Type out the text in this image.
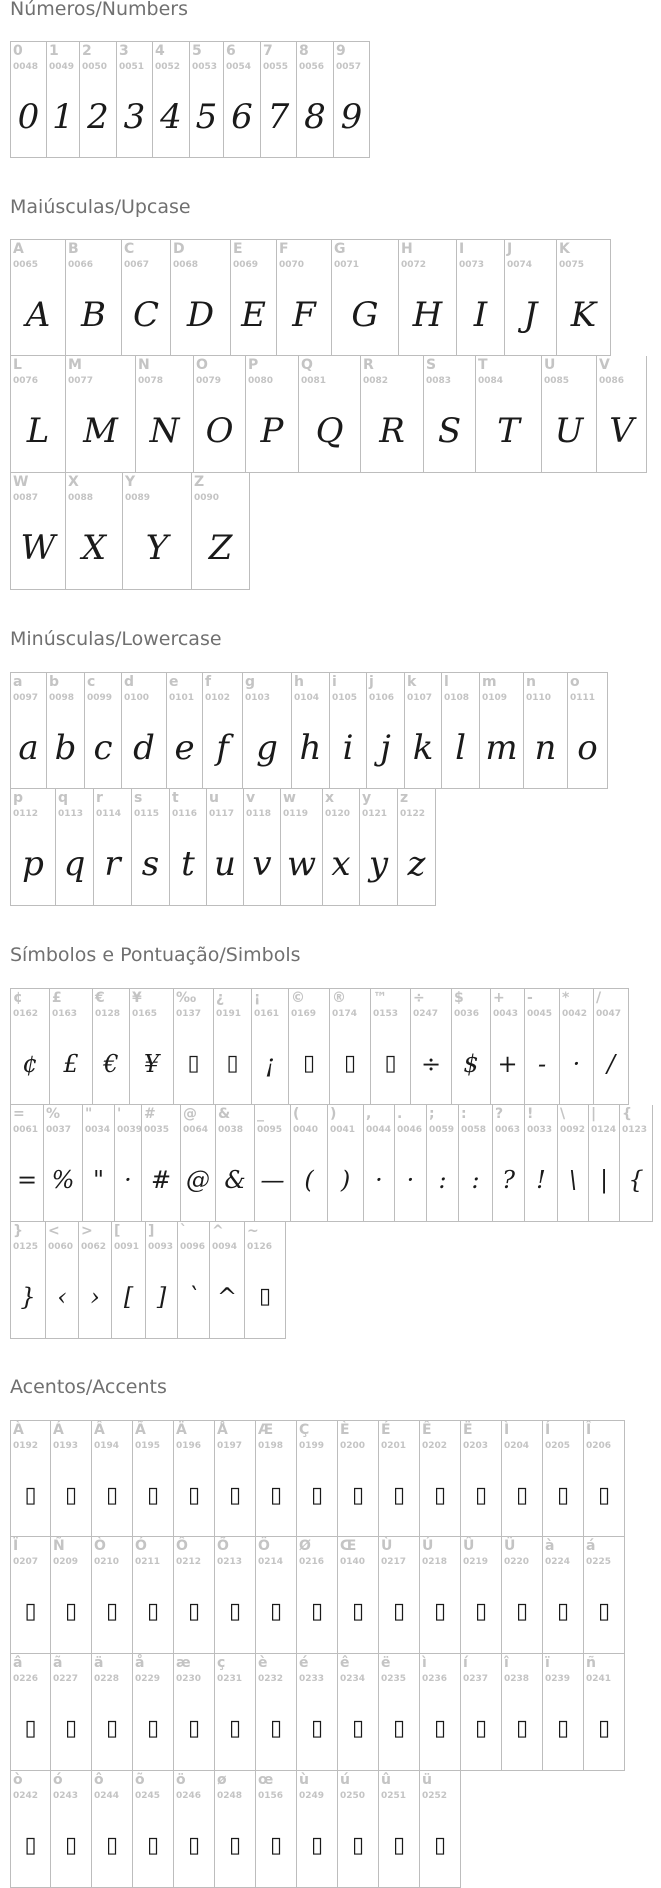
Números/Numbers
Maiúsculas/Upcase
Minúsculas/Lowercase
Símbolos e Pontuação/Simbols
Acentos/Accents
0
0048
0
1
0049
1
2
0050
2
3
0051
3
4
0052
4
5
0053
5
6
0054
6
7
0055
7
8
0056
8
9
0057
9
A
0065
A
B
0066
B
C
0067
C
D
0068
D
E
0069
E
F
0070
F
G
0071
G
H
0072
H
I
0073
I
J
0074
J
K
0075
K
L
0076
L
M
0077
M
N
0078
N
O
0079
O
P
0080
P
Q
0081
Q
R
0082
R
S
0083
S
T
0084
T
U
0085
U
V
0086
V
W
0087
W
X
0088
X
Y
0089
Y
Z
0090
Z
a
0097
a
b
0098
b
c
0099
c
d
0100
d
e
0101
e
f
0102
f
g
0103
g
h
0104
h
i
0105
i
j
0106
j
k
0107
k
l
0108
l
m
0109
m
n
0110
n
o
0111
o
p
0112
p
q
0113
q
r
0114
r
s
0115
s
t
0116
t
u
0117
u
v
0118
v
w
0119
w
x
0120
x
y
0121
y
z
0122
z
¢
0162
¢
£
0163
£
€
0128
€
¥
0165
¥
‰
0137
▯
¿
0191
▯
¡
0161
¡
©
0169
▯
®
0174
▯
™
0153
▯
÷
0247
÷
$
0036
$
+
0043
+
-
0045
-
*
0042
·
/
0047
/
=
0061
=
%
0037
%
"
0034
"
'
0039
·
#
0035
#
@
0064
@
&
0038
&
_
0095
—
(
0040
(
)
0041
)
,
0044
·
.
0046
·
;
0059
:
:
0058
:
?
0063
?
!
0033
!
\
0092
\
|
0124
|
{
0123
{
}
0125
}
<
0060
‹
>
0062
›
[
0091
[
]
0093
]
`
0096
`
^
0094
^
~
0126
▯
À
0192
▯
Á
0193
▯
Â
0194
▯
Ã
0195
▯
Ä
0196
▯
Å
0197
▯
Æ
0198
▯
Ç
0199
▯
È
0200
▯
É
0201
▯
Ê
0202
▯
Ë
0203
▯
Ì
0204
▯
Í
0205
▯
Î
0206
▯
Ï
0207
▯
Ñ
0209
▯
Ò
0210
▯
Ó
0211
▯
Ô
0212
▯
Õ
0213
▯
Ö
0214
▯
Ø
0216
▯
Œ
0140
▯
Ù
0217
▯
Ú
0218
▯
Û
0219
▯
Ü
0220
▯
à
0224
▯
á
0225
▯
â
0226
▯
ã
0227
▯
ä
0228
▯
å
0229
▯
æ
0230
▯
ç
0231
▯
è
0232
▯
é
0233
▯
ê
0234
▯
ë
0235
▯
ì
0236
▯
í
0237
▯
î
0238
▯
ï
0239
▯
ñ
0241
▯
ò
0242
▯
ó
0243
▯
ô
0244
▯
õ
0245
▯
ö
0246
▯
ø
0248
▯
œ
0156
▯
ù
0249
▯
ú
0250
▯
û
0251
▯
ü
0252
▯
